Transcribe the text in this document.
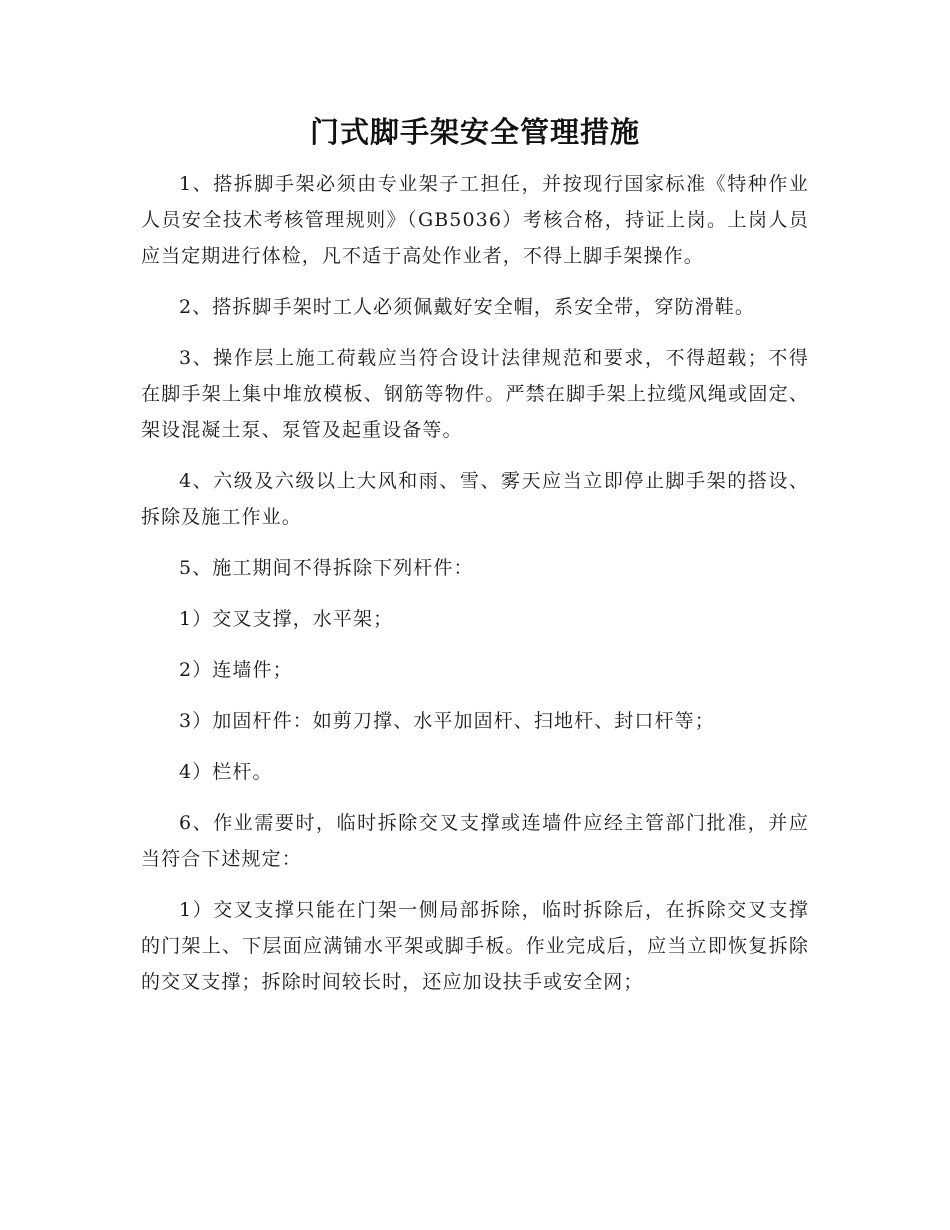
门式脚手架安全管理措施

1、搭拆脚手架必须由专业架子工担任，并按现行国家标准《特种作业人员安全技术考核管理规则》（GB5036）考核合格，持证上岗。上岗人员应当定期进行体检，凡不适于高处作业者，不得上脚手架操作。

2、搭拆脚手架时工人必须佩戴好安全帽，系安全带，穿防滑鞋。

3、操作层上施工荷载应当符合设计法律规范和要求，不得超载；不得在脚手架上集中堆放模板、钢筋等物件。严禁在脚手架上拉缆风绳或固定、架设混凝土泵、泵管及起重设备等。

4、六级及六级以上大风和雨、雪、雾天应当立即停止脚手架的搭设、拆除及施工作业。

5、施工期间不得拆除下列杆件：

1）交叉支撑，水平架；

2）连墙件；

3）加固杆件：如剪刀撑、水平加固杆、扫地杆、封口杆等；

4）栏杆。

6、作业需要时，临时拆除交叉支撑或连墙件应经主管部门批准，并应当符合下述规定：

1）交叉支撑只能在门架一侧局部拆除，临时拆除后，在拆除交叉支撑的门架上、下层面应满铺水平架或脚手板。作业完成后，应当立即恢复拆除的交叉支撑；拆除时间较长时，还应加设扶手或安全网；
